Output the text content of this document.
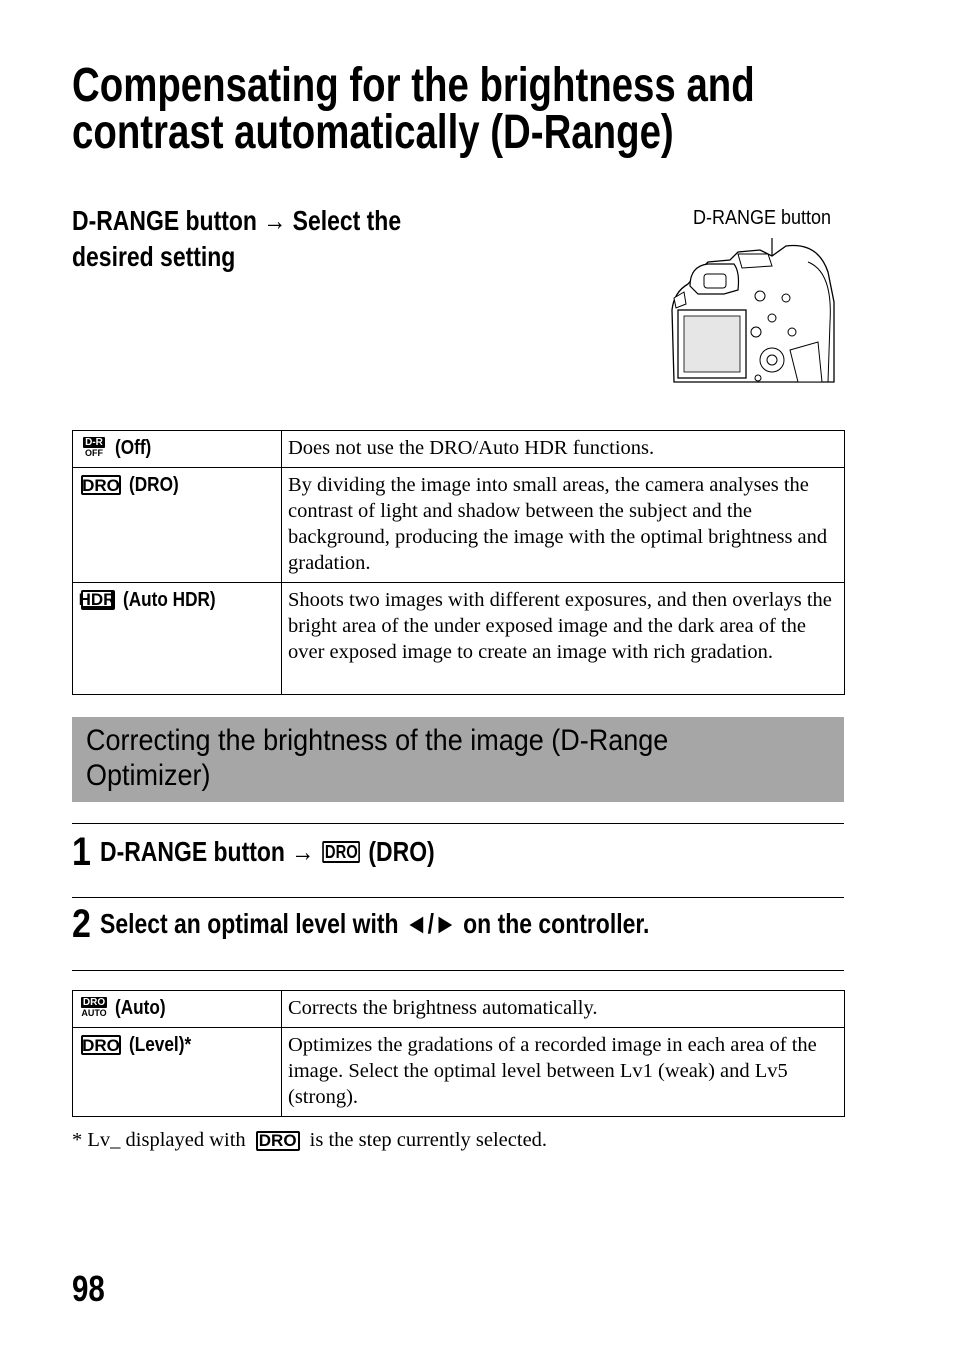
Compensating for the brightness and
contrast automatically (D-Range)
D-RANGE button → Select the
desired setting
D-RANGE button
D-R
OFF (Off)	Does not use the DRO/Auto HDR functions.

DRO (DRO)	By dividing the image into small areas, the camera analyses the contrast of light and shadow between the subject and the background, producing the image with the optimal brightness and gradation.

HDR (Auto HDR)	Shoots two images with different exposures, and then overlays the bright area of the under exposed image and the dark area of the over exposed image to create an image with rich gradation.
Correcting the brightness of the image (D-Range Optimizer)
1 D-RANGE button → DRO (DRO)
2 Select an optimal level with ◄/► on the controller.
DRO
AUTO (Auto)	Corrects the brightness automatically.

DRO (Level)*	Optimizes the gradations of a recorded image in each area of the image. Select the optimal level between Lv1 (weak) and Lv5 (strong).
* Lv_ displayed with DRO is the step currently selected.
98
